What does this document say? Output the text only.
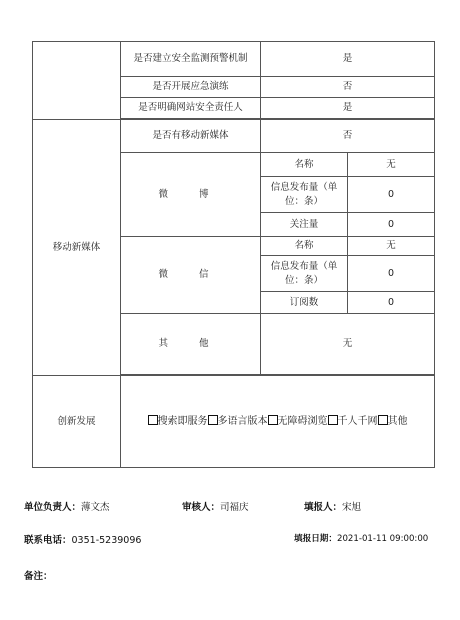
	是否建立安全监测预警机制	是	
	是否开展应急演练	否	
	是否明确网站安全责任人	是	

移动新媒体	是否有移动新媒体	否	
	微 博	名称	无
		信息发布量（单位：条）	0
		关注量	0
	微 信	名称	无
		信息发布量（单位：条）	0
		订阅数	0
	其 他	无	

创新发展	搜索即服务 多语言版本 无障碍浏览 千人千网 其他		
单位负责人：薄文杰	审核人：司福庆	填报人：宋旭
联系电话：0351-5239096	填报日期：2021-01-11 09:00:00
备注：
